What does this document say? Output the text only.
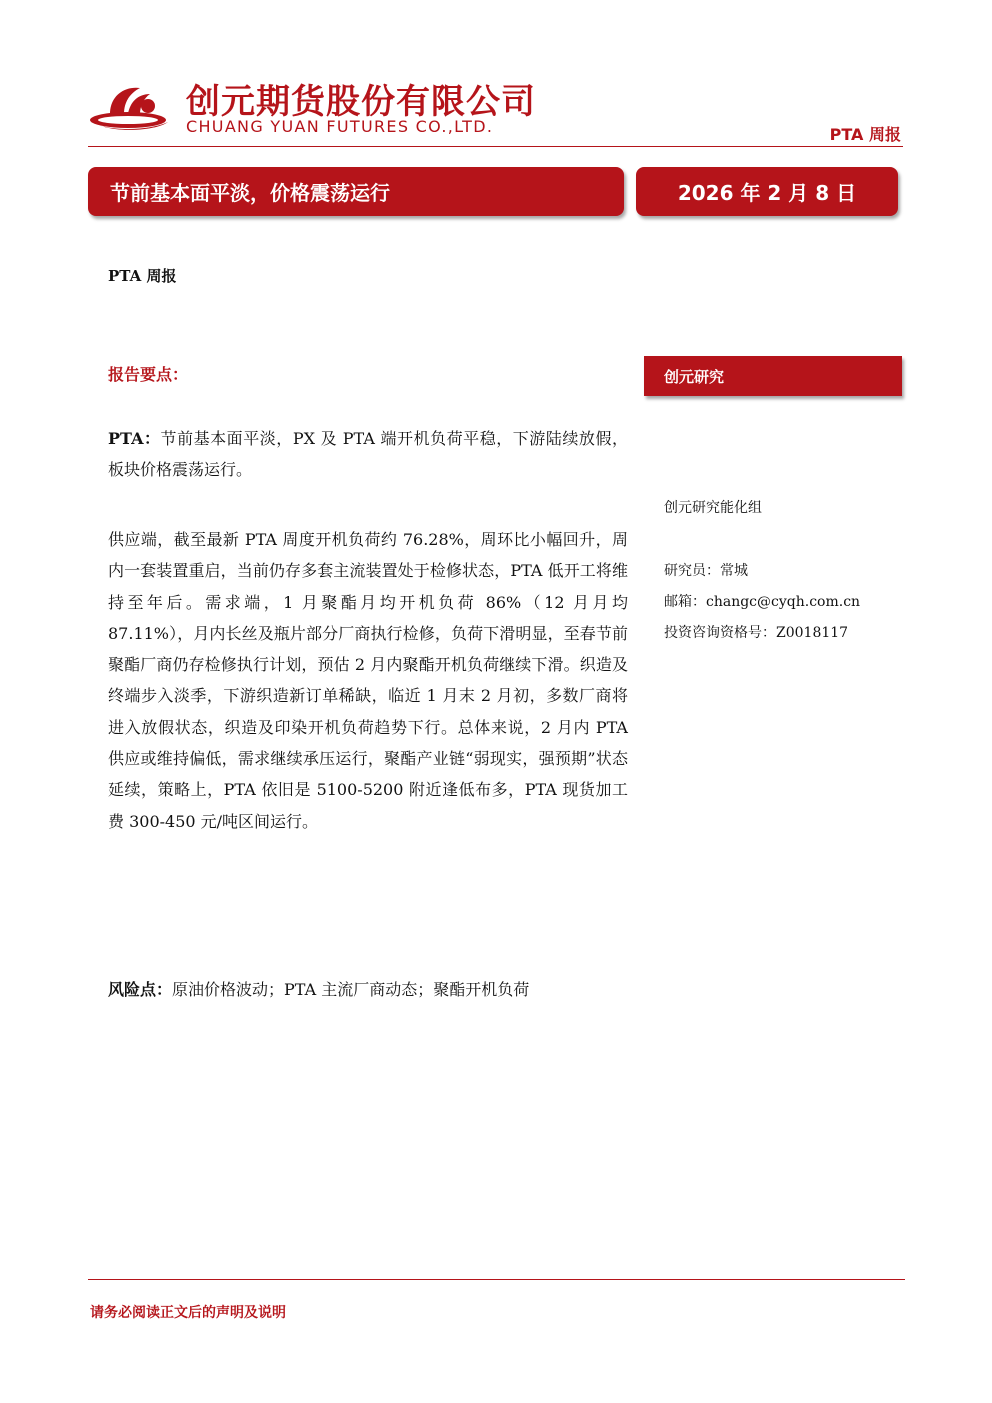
创元期货股份有限公司
CHUANG YUAN FUTURES CO.,LTD.	PTA 周报
节前基本面平淡，价格震荡运行	2026 年 2 月 8 日
PTA 周报
报告要点：	创元研究
创元研究能化组
研究员：常城
邮箱：changc@cyqh.com.cn
投资咨询资格号：Z0018117

PTA：节前基本面平淡，PX 及 PTA 端开机负荷平稳，下游陆续放假，板块价格震荡运行。

供应端，截至最新 PTA 周度开机负荷约 76.28%，周环比小幅回升，周内一套装置重启，当前仍存多套主流装置处于检修状态，PTA 低开工将维持至年后。需求端，1 月聚酯月均开机负荷 86%（12 月月均 87.11%），月内长丝及瓶片部分厂商执行检修，负荷下滑明显，至春节前聚酯厂商仍存检修执行计划，预估 2 月内聚酯开机负荷继续下滑。织造及终端步入淡季，下游织造新订单稀缺，临近 1 月末 2 月初，多数厂商将进入放假状态，织造及印染开机负荷趋势下行。总体来说，2 月内 PTA 供应或维持偏低，需求继续承压运行，聚酯产业链“弱现实，强预期”状态延续，策略上，PTA 依旧是 5100-5200 附近逢低布多，PTA 现货加工费 300-450 元/吨区间运行。

风险点：原油价格波动；PTA 主流厂商动态；聚酯开机负荷

请务必阅读正文后的声明及说明
